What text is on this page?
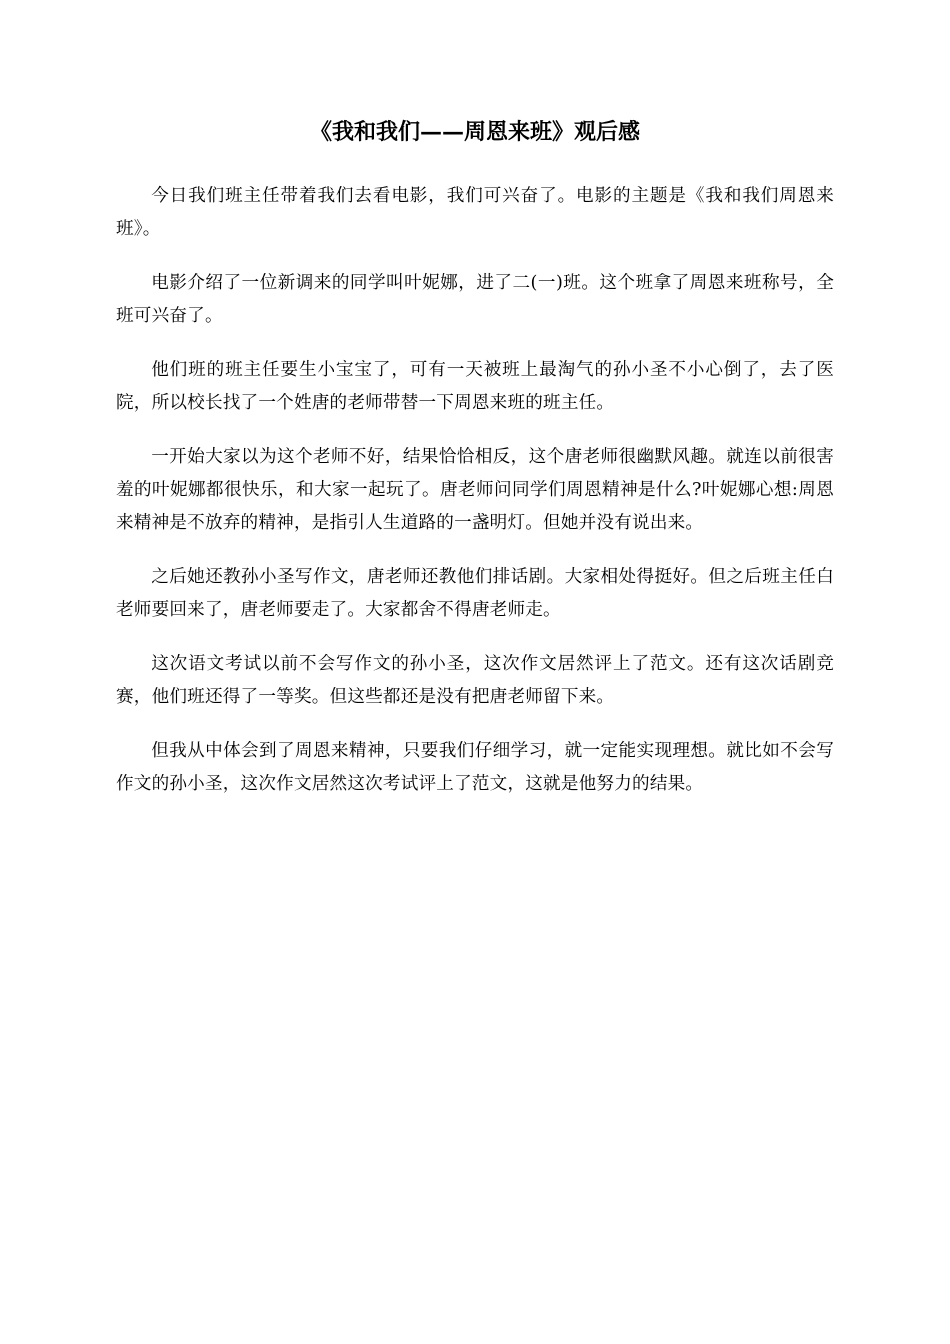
《我和我们——周恩来班》观后感

今日我们班主任带着我们去看电影，我们可兴奋了。电影的主题是《我和我们周恩来班》。

电影介绍了一位新调来的同学叫叶妮娜，进了二(一)班。这个班拿了周恩来班称号，全班可兴奋了。

他们班的班主任要生小宝宝了，可有一天被班上最淘气的孙小圣不小心倒了，去了医院，所以校长找了一个姓唐的老师带替一下周恩来班的班主任。

一开始大家以为这个老师不好，结果恰恰相反，这个唐老师很幽默风趣。就连以前很害羞的叶妮娜都很快乐，和大家一起玩了。唐老师问同学们周恩精神是什么?叶妮娜心想:周恩来精神是不放弃的精神，是指引人生道路的一盏明灯。但她并没有说出来。

之后她还教孙小圣写作文，唐老师还教他们排话剧。大家相处得挺好。但之后班主任白老师要回来了，唐老师要走了。大家都舍不得唐老师走。

这次语文考试以前不会写作文的孙小圣，这次作文居然评上了范文。还有这次话剧竞赛，他们班还得了一等奖。但这些都还是没有把唐老师留下来。

但我从中体会到了周恩来精神，只要我们仔细学习，就一定能实现理想。就比如不会写作文的孙小圣，这次作文居然这次考试评上了范文，这就是他努力的结果。
